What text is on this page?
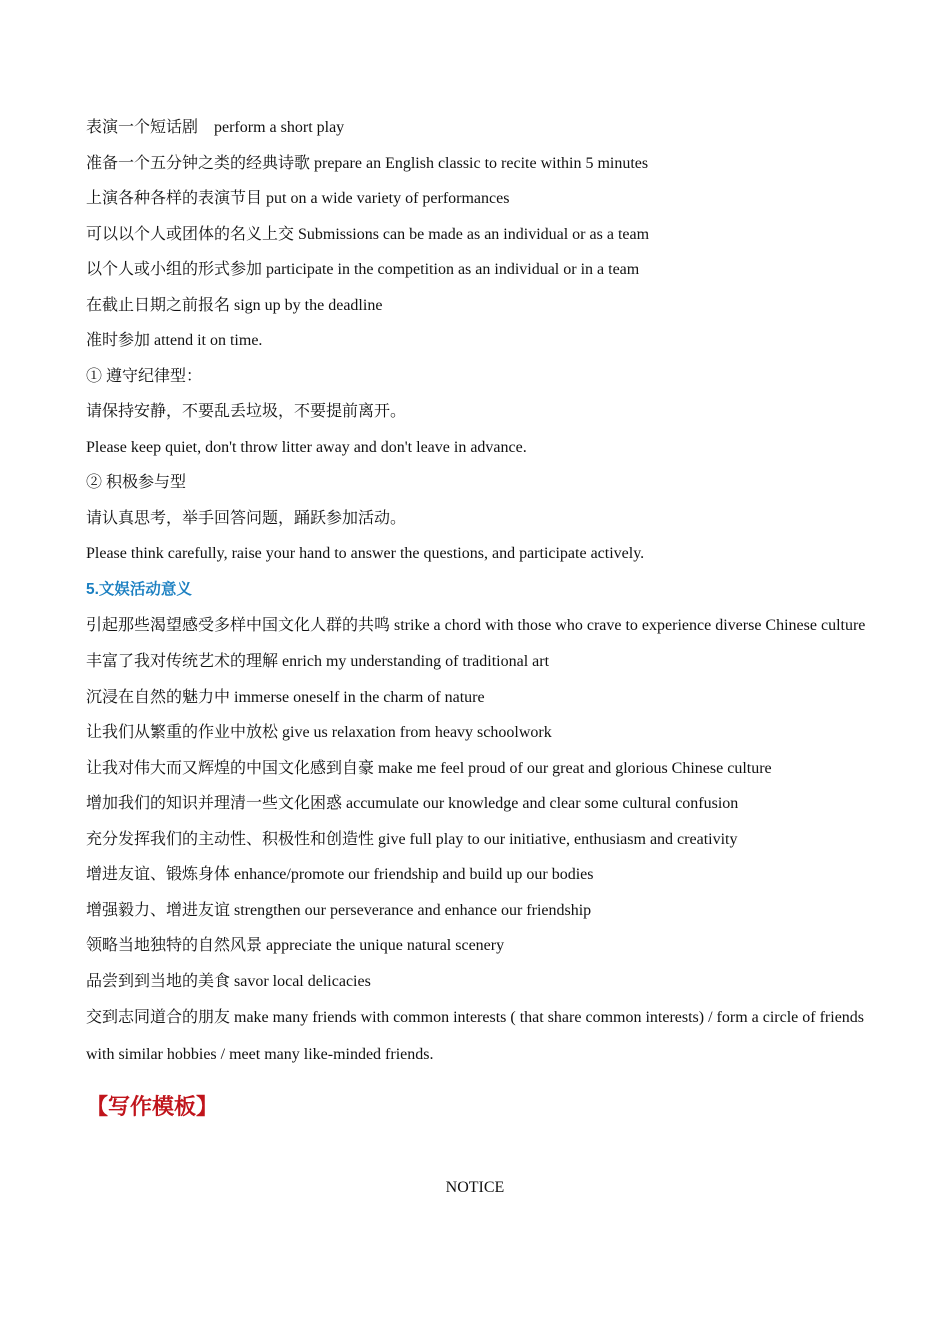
表演一个短话剧　perform a short play
准备一个五分钟之类的经典诗歌 prepare an English classic to recite within 5 minutes
上演各种各样的表演节目 put on a wide variety of performances
可以以个人或团体的名义上交 Submissions can be made as an individual or as a team
以个人或小组的形式参加 participate in the competition as an individual or in a team
在截止日期之前报名 sign up by the deadline
准时参加 attend it on time.
① 遵守纪律型：
请保持安静，不要乱丢垃圾，不要提前离开。
Please keep quiet, don't throw litter away and don't leave in advance.
② 积极参与型
请认真思考，举手回答问题，踊跃参加活动。
Please think carefully, raise your hand to answer the questions, and participate actively.
5.文娱活动意义
引起那些渴望感受多样中国文化人群的共鸣 strike a chord with those who crave to experience diverse Chinese culture
丰富了我对传统艺术的理解 enrich my understanding of traditional art
沉浸在自然的魅力中 immerse oneself in the charm of nature
让我们从繁重的作业中放松 give us relaxation from heavy schoolwork
让我对伟大而又辉煌的中国文化感到自豪 make me feel proud of our great and glorious Chinese culture
增加我们的知识并理清一些文化困惑 accumulate our knowledge and clear some cultural confusion
充分发挥我们的主动性、积极性和创造性 give full play to our initiative, enthusiasm and creativity
增进友谊、锻炼身体 enhance/promote our friendship and build up our bodies
增强毅力、增进友谊 strengthen our perseverance and enhance our friendship
领略当地独特的自然风景 appreciate the unique natural scenery
品尝到到当地的美食 savor local delicacies
交到志同道合的朋友 make many friends with common interests ( that share common interests) / form a circle of friends with similar hobbies / meet many like-minded friends.
【写作模板】
NOTICE
